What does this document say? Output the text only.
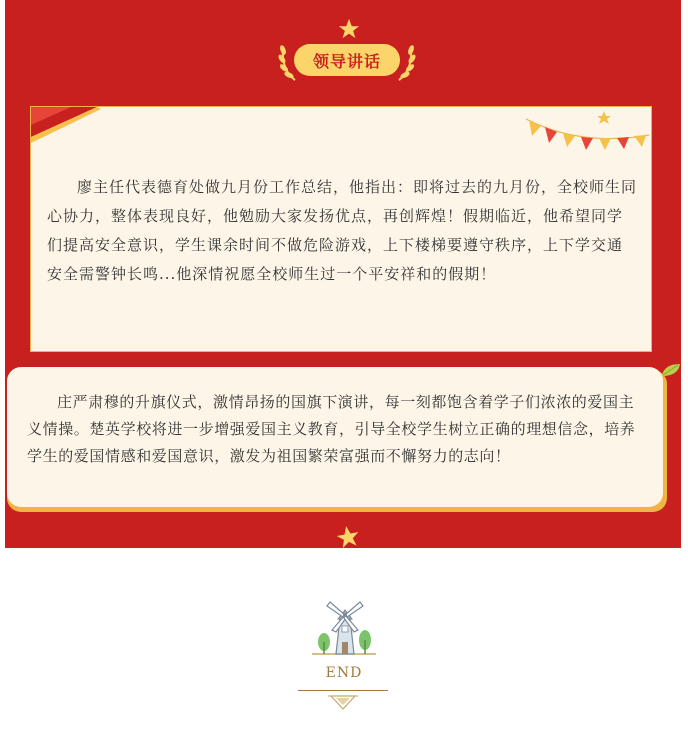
领导讲话

廖主任代表德育处做九月份工作总结，他指出：即将过去的九月份，全校师生同心协力，整体表现良好，他勉励大家发扬优点，再创辉煌！假期临近，他希望同学们提高安全意识，学生课余时间不做危险游戏，上下楼梯要遵守秩序，上下学交通安全需警钟长鸣...他深情祝愿全校师生过一个平安祥和的假期！

庄严肃穆的升旗仪式，激情昂扬的国旗下演讲，每一刻都饱含着学子们浓浓的爱国主义情操。楚英学校将进一步增强爱国主义教育，引导全校学生树立正确的理想信念，培养学生的爱国情感和爱国意识，激发为祖国繁荣富强而不懈努力的志向！

END
